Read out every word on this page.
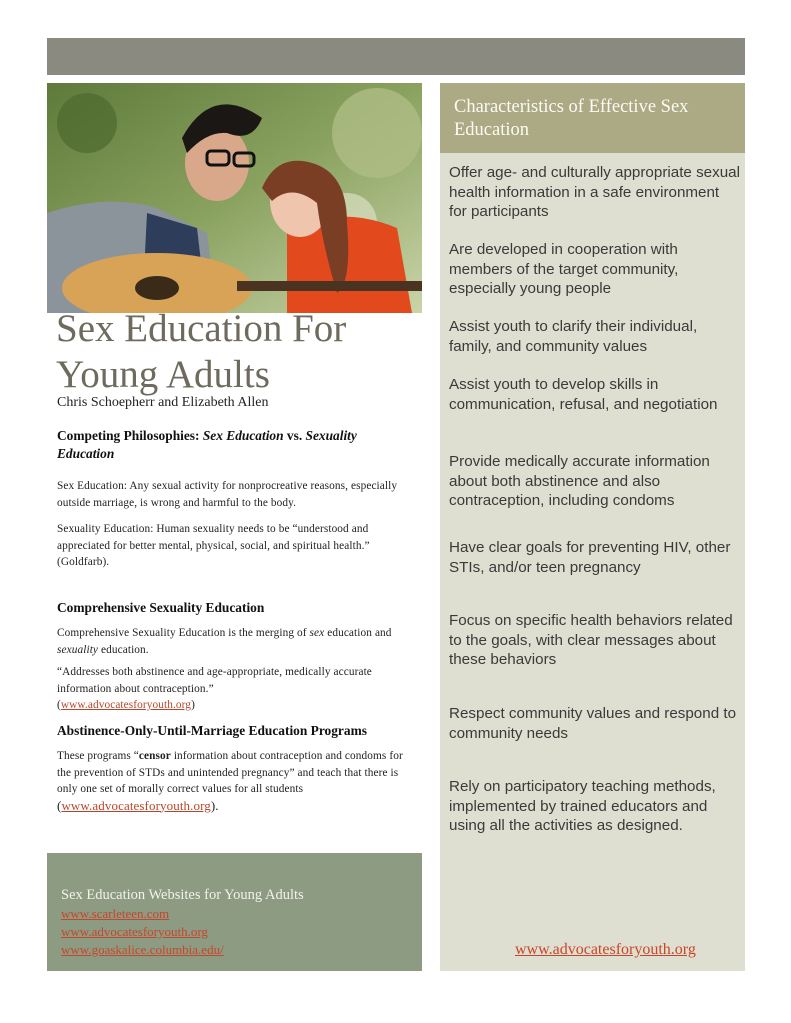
Sex Education For Young Adults
Chris Schoepherr and Elizabeth Allen
Competing Philosophies: Sex Education vs. Sexuality Education
Sex Education: Any sexual activity for nonprocreative reasons, especially outside marriage, is wrong and harmful to the body.
Sexuality Education: Human sexuality needs to be “understood and appreciated for better mental, physical, social, and spiritual health.” (Goldfarb).
Comprehensive Sexuality Education
Comprehensive Sexuality Education is the merging of sex education and sexuality education.
“Addresses both abstinence and age-appropriate, medically accurate information about contraception.”
(www.advocatesforyouth.org)
Abstinence-Only-Until-Marriage Education Programs
These programs “censor information about contraception and condoms for the prevention of STDs and unintended pregnancy” and teach that there is only one set of morally correct values for all students
(www.advocatesforyouth.org).
Sex Education Websites for Young Adults
www.scarleteen.com
www.advocatesforyouth.org
www.goaskalice.columbia.edu/
Characteristics of Effective Sex Education
Offer age- and culturally appropriate sexual health information in a safe environment for participants
Are developed in cooperation with members of the target community, especially young people
Assist youth to clarify their individual, family, and community values
Assist youth to develop skills in communication, refusal, and negotiation
Provide medically accurate information about both abstinence and also contraception, including condoms
Have clear goals for preventing HIV, other STIs, and/or teen pregnancy
Focus on specific health behaviors related to the goals, with clear messages about these behaviors
Respect community values and respond to community needs
Rely on participatory teaching methods, implemented by trained educators and using all the activities as designed.
www.advocatesforyouth.org
